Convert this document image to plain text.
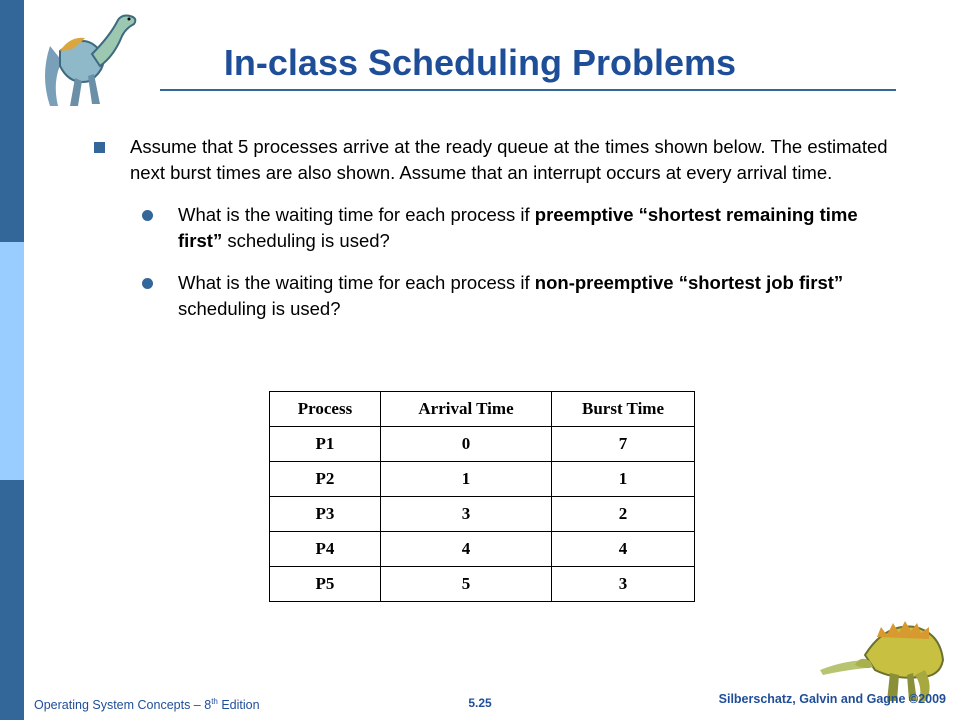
In-class Scheduling Problems
Assume that 5 processes arrive at the ready queue at the times shown below. The estimated next burst times are also shown. Assume that an interrupt occurs at every arrival time.
What is the waiting time for each process if preemptive “shortest remaining time first” scheduling is used?
What is the waiting time for each process if non-preemptive “shortest job first” scheduling is used?
Process	Arrival Time	Burst Time
P1	0	7
P2	1	1
P3	3	2
P4	4	4
P5	5	3
Operating System Concepts – 8th Edition	5.25	Silberschatz, Galvin and Gagne ©2009
